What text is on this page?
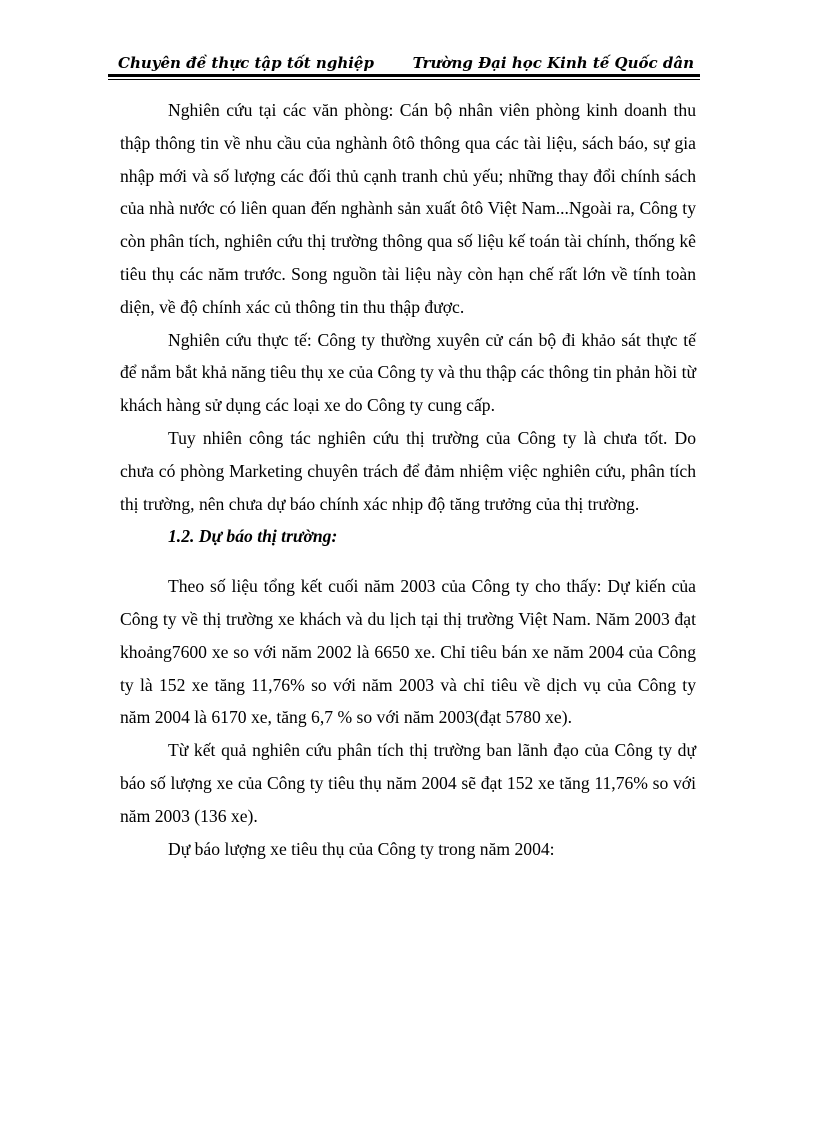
Chuyên đề thực tập tốt nghiệp	Trường Đại học Kinh tế Quốc dân

Nghiên cứu tại các văn phòng: Cán bộ nhân viên phòng kinh doanh thu thập thông tin về nhu cầu của nghành ôtô thông qua các tài liệu, sách báo, sự gia nhập mới và số lượng các đối thủ cạnh tranh chủ yếu; những thay đổi chính sách của nhà nước có liên quan đến nghành sản xuất ôtô Việt Nam...Ngoài ra, Công ty còn phân tích, nghiên cứu thị trường thông qua số liệu kế toán tài chính, thống kê tiêu thụ các năm trước. Song nguồn tài liệu này còn hạn chế rất lớn về tính toàn diện, về độ chính xác củ thông tin thu thập được.

Nghiên cứu thực tế: Công ty thường xuyên cử cán bộ đi khảo sát thực tế để nắm bắt khả năng tiêu thụ xe của Công ty và thu thập các thông tin phản hồi từ khách hàng sử dụng các loại xe do Công ty cung cấp.

Tuy nhiên công tác nghiên cứu thị trường của Công ty là chưa tốt. Do chưa có phòng Marketing chuyên trách để đảm nhiệm việc nghiên cứu, phân tích thị trường, nên chưa dự báo chính xác nhịp độ tăng trưởng của thị trường.

1.2. Dự báo thị trường:

Theo số liệu tổng kết cuối năm 2003 của Công ty cho thấy: Dự kiến của Công ty về thị trường xe khách và du lịch tại thị trường Việt Nam. Năm 2003 đạt khoảng7600 xe so với năm 2002 là 6650 xe. Chỉ tiêu bán xe năm 2004 của Công ty là 152 xe tăng 11,76% so với năm 2003 và chỉ tiêu về dịch vụ của Công ty năm 2004 là 6170 xe, tăng 6,7 % so với năm 2003(đạt 5780 xe).

Từ kết quả nghiên cứu phân tích thị trường ban lãnh đạo của Công ty dự báo số lượng xe của Công ty tiêu thụ năm 2004 sẽ đạt 152 xe tăng 11,76% so với năm 2003 (136 xe).

Dự báo lượng xe tiêu thụ của Công ty trong năm 2004:
